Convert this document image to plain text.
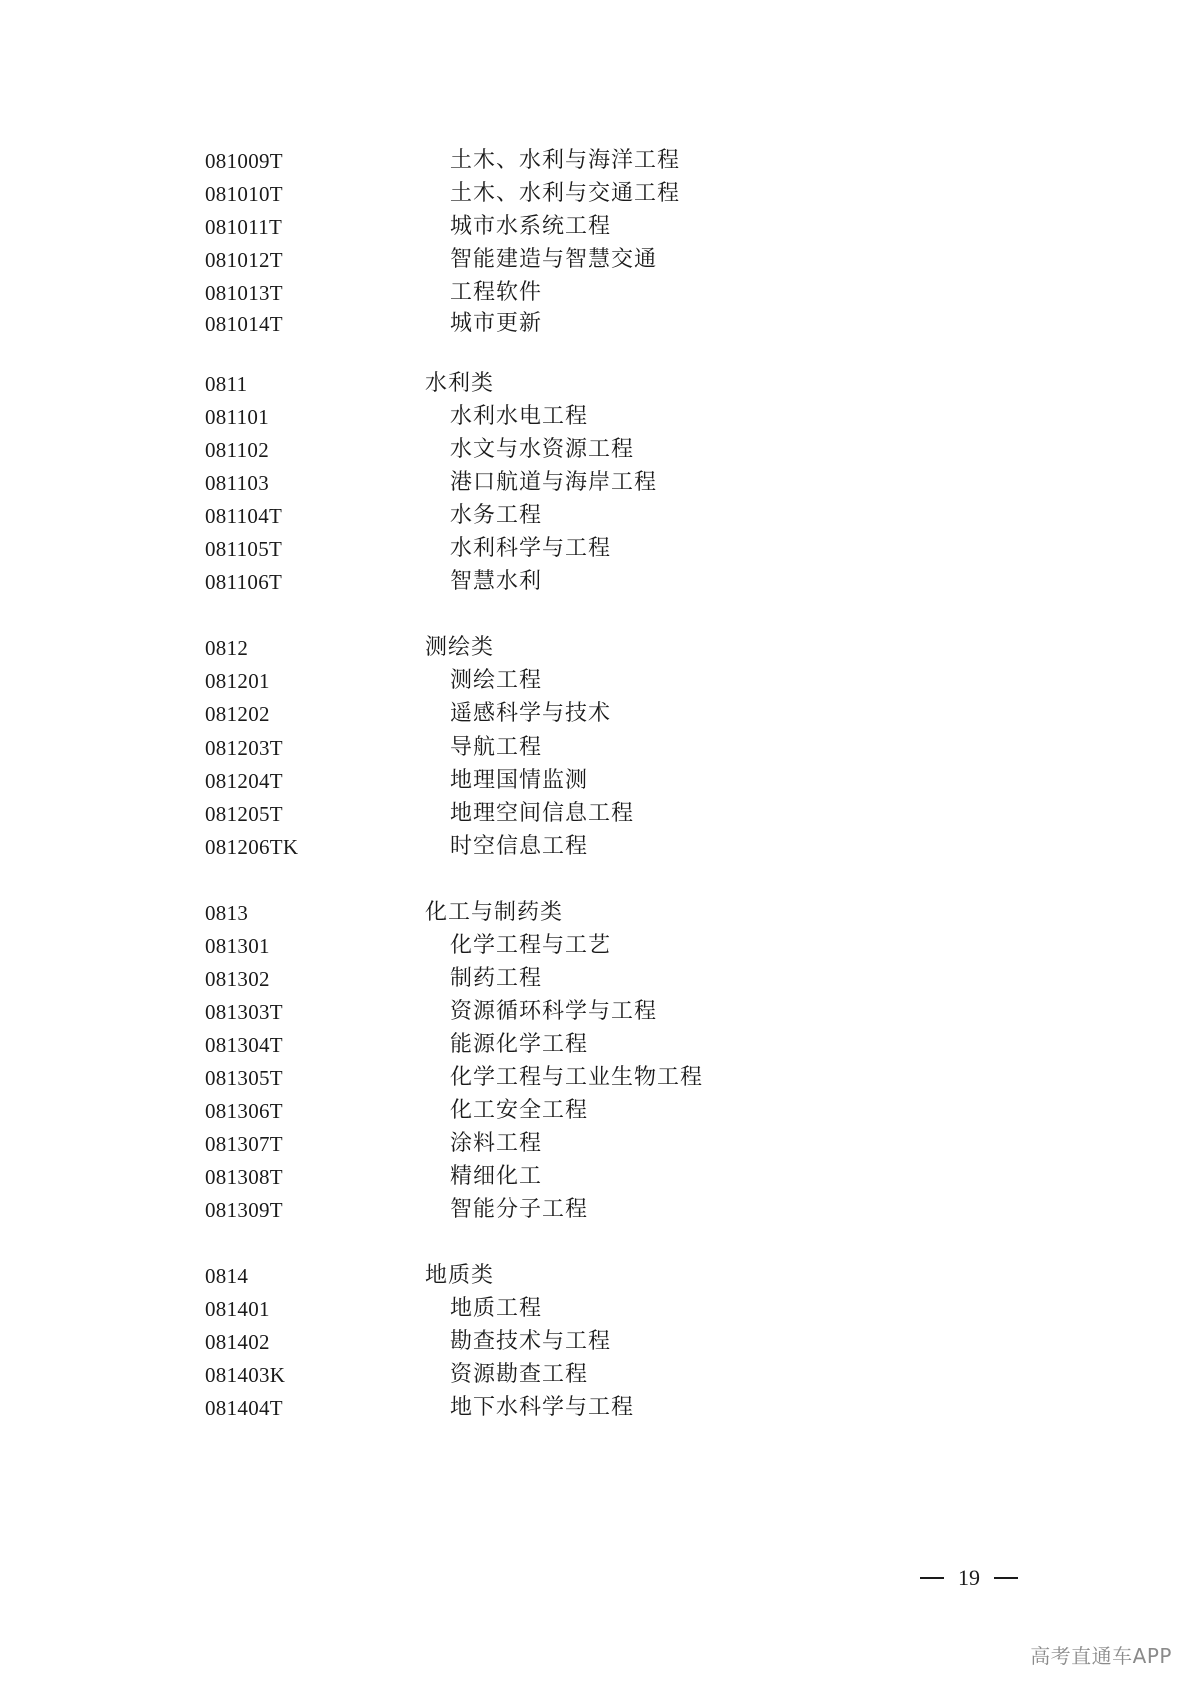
081009T	土木、水利与海洋工程
081010T	土木、水利与交通工程
081011T	城市水系统工程
081012T	智能建造与智慧交通
081013T	工程软件
081014T	城市更新
0811	水利类
081101	水利水电工程
081102	水文与水资源工程
081103	港口航道与海岸工程
081104T	水务工程
081105T	水利科学与工程
081106T	智慧水利
0812	测绘类
081201	测绘工程
081202	遥感科学与技术
081203T	导航工程
081204T	地理国情监测
081205T	地理空间信息工程
081206TK	时空信息工程
0813	化工与制药类
081301	化学工程与工艺
081302	制药工程
081303T	资源循环科学与工程
081304T	能源化学工程
081305T	化学工程与工业生物工程
081306T	化工安全工程
081307T	涂料工程
081308T	精细化工
081309T	智能分子工程
0814	地质类
081401	地质工程
081402	勘查技术与工程
081403K	资源勘查工程
081404T	地下水科学与工程
19
高考直通车APP
